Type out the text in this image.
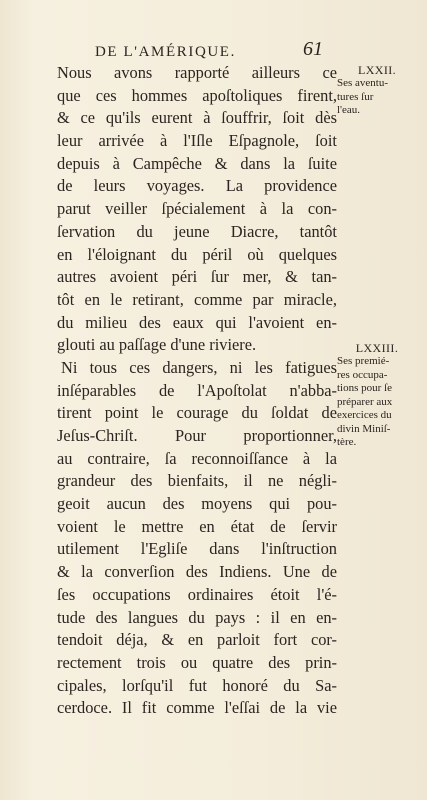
DE L'AMÉRIQUE.	61
Nous avons rapporté ailleurs ce
que ces hommes apoſtoliques firent,
& ce qu'ils eurent à ſouffrir, ſoit dès
leur arrivée à l'Iſle Eſpagnole, ſoit
depuis à Campêche & dans la ſuite
de leurs voyages. La providence
parut veiller ſpécialement à la con-
ſervation du jeune Diacre, tantôt
en l'éloignant du péril où quelques
autres avoient péri ſur mer, & tan-
tôt en le retirant, comme par miracle,
du milieu des eaux qui l'avoient en-
glouti au paſſage d'une riviere.
Ni tous ces dangers, ni les fatigues
inſéparables de l'Apoſtolat n'abba-
tirent point le courage du ſoldat de
Jeſus-Chriſt. Pour proportionner,
au contraire, ſa reconnoiſſance à la
grandeur des bienfaits, il ne négli-
geoit aucun des moyens qui pou-
voient le mettre en état de ſervir
utilement l'Egliſe dans l'inſtruction
& la converſion des Indiens. Une de
ſes occupations ordinaires étoit l'é-
tude des langues du pays : il en en-
tendoit déja, & en parloit fort cor-
rectement trois ou quatre des prin-
cipales, lorſqu'il fut honoré du Sa-
cerdoce. Il fit comme l'eſſai de la vie
LXXII.
Ses aventu-
tures ſur
l'eau.
LXXIII.
Ses premié-
res occupa-
tions pour ſe
préparer aux
exercices du
divin Miniſ-
tère.
